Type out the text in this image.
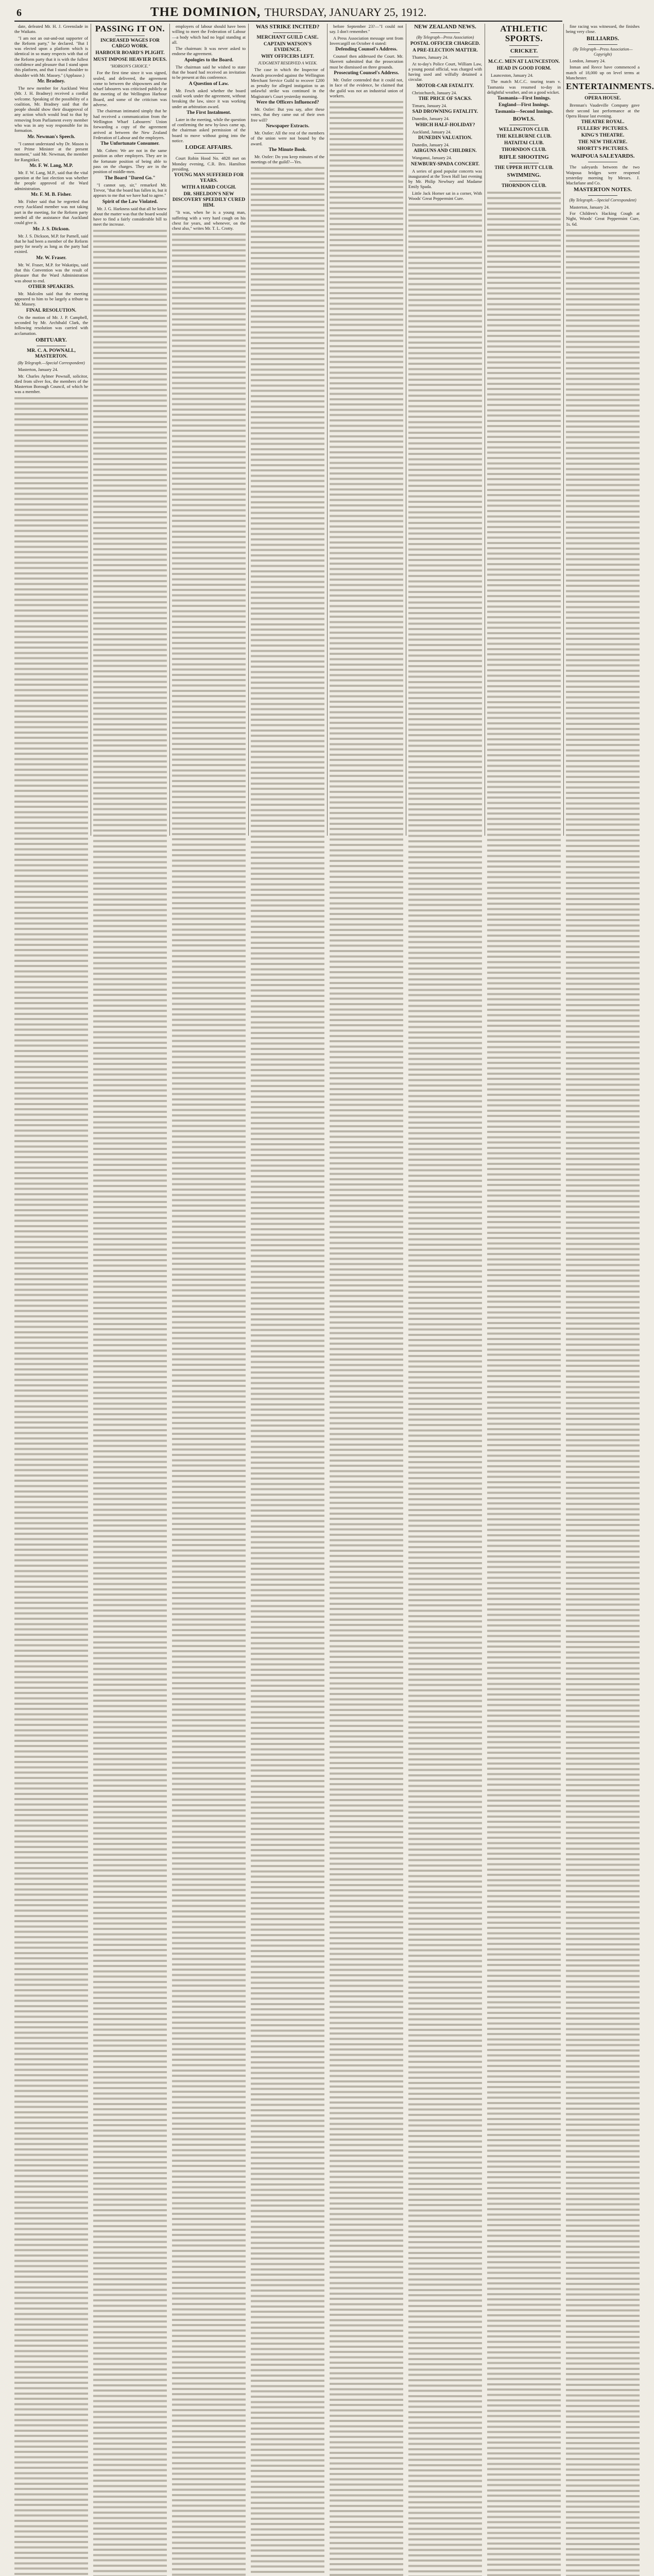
6	THE DOMINION, THURSDAY, JANUARY 25, 1912.

date, defeated Mr. H. J. Greenslade in the Waikato.

"I am not an out-and-out supporter of the Reform party," he declared. "But I was elected upon a platform which is identical in so many respects with that of the Reform party that it is with the fullest confidence and pleasure that I stand upon this platform, and that I stand shoulder to shoulder with Mr. Massey." (Applause.)

Mr. Bradney.

The new member for Auckland West (Mr. J. H. Bradney) received a cordial welcome. Speaking of the possibility of a coalition, Mr. Bradney said that the people should show their disapproval of any action which would lead to that by removing from Parliament every member who was in any way responsible for its formation.

Mr. Newman's Speech.

"I cannot understand why Dr. Mason is not Prime Minister at the present moment," said Mr. Newman, the member for Rangitikei.

Mr. F. W. Lang, M.P.

Mr. F. W. Lang, M.P., said that the vital question at the last election was whether the people approved of the Ward administration.

Mr. F. M. B. Fisher.

Mr. Fisher said that he regretted that every Auckland member was not taking part in the meeting, for the Reform party needed all the assistance that Auckland could give it.

Mr. J. S. Dickson.

Mr. J. S. Dickson, M.P. for Parnell, said that he had been a member of the Reform party for nearly as long as the party had existed.

Mr. W. Fraser.

Mr. W. Fraser, M.P. for Wakatipu, said that this Convention was the result of pleasure that the Ward Administration was about to end.

OTHER SPEAKERS.

Mr. Malcolm said that the meeting appeared to him to be largely a tribute to Mr. Massey.

FINAL RESOLUTION.

On the motion of Mr. J. P. Campbell, seconded by Mr. Archibald Clark, the following resolution was carried with acclamation.

OBITUARY.

MR. C. A. POWNALL, MASTERTON.

(By Telegraph.—Special Correspondent)

Masterton, January 24.

Mr. Charles Aylmer Pownall, solicitor, died from silver fox, the members of the Masterton Borough Council, of which he was a member.

PASSING IT ON.

INCREASED WAGES FOR CARGO WORK.

HARBOUR BOARD'S PLIGHT.

MUST IMPOSE HEAVIER DUES.

"HOBSON'S CHOICE."

For the first time since it was signed, sealed, and delivered, the agreement come to between the shipowners and the wharf labourers was criticised publicly at the meeting of the Wellington Harbour Board, and some of the criticism was adverse.

The chairman intimated simply that he had received a communication from the Wellington Wharf Labourers' Union forwarding a copy of the agreement arrived at between the New Zealand Federation of Labour and the employers.

The Unfortunate Consumer.

Mr. Cohen: We are not in the same position as other employers. They are in the fortunate position of being able to pass on the charges. They are in the position of middle-men.

The Board "Dared Go."

"I cannot say, sir," remarked Mr. Trevor, "that the board has fallen in, but it appears to me that we have had to agree."

Spirit of the Law Violated.

Mr. J. G. Harkness said that all he knew about the matter was that the board would have to find a fairly considerable bill to meet the increase.

employers of labour should have been willing to meet the Federation of Labour—a body which had no legal standing at all.

The chairman: It was never asked to endorse the agreement.

Apologies to the Board.

The chairman said he wished to state that the board had received an invitation to be present at this conference.

A Question of Law.

Mr. Fesch asked whether the board could work under the agreement, without breaking the law, since it was working under an arbitration award.

The First Instalment.

Later in the meeting, while the question of confirming the new by-laws came up, the chairman asked permission of the board to move without going into the notice.

LODGE AFFAIRS.

Court Robin Hood No. 4828 met on Monday evening, C.R. Bro. Hamilton presiding.

YOUNG MAN SUFFERED FOR YEARS.

WITH A HARD COUGH.

DR. SHELDON'S NEW DISCOVERY SPEEDILY CURED HIM.

"It was, when he is a young man, suffering with a very hard cough on his chest for years, and whenever, on the chest also," writes Mr. T. L. Crotty.

WAS STRIKE INCITED?

MERCHANT GUILD CASE.

CAPTAIN WATSON'S EVIDENCE.

WHY OFFICERS LEFT.

JUDGMENT RESERVED A WEEK.

The case in which the Inspector of Awards proceeded against the Wellington Merchant Service Guild to recover £200 as penalty for alleged instigation to an unlawful strike was continued in the Magistrate's Court yesterday morning.

Were the Officers Influenced?

Mr. Ostler: But you say, after these votes, that they came out of their own free will?

Newspaper Extracts.

Mr. Ostler: All the rest of the members of the union were not bound by the award.

The Minute Book.

Mr. Ostler: Do you keep minutes of the meetings of the guild?—Yes.

before September 23?—"I could not say. I don't remember."

A Press Association message sent from Invercargill on October 4 stated:

Defending Counsel's Address.

Counsel then addressed the Court. Mr. Skerrett submitted that the prosecution must be dismissed on three grounds.

Prosecuting Counsel's Address.

Mr. Ostler contended that it could not, in face of the evidence, be claimed that the guild was not an industrial union of workers.

NEW ZEALAND NEWS.

(By Telegraph—Press Association)

POSTAL OFFICER CHARGED.

A PRE-ELECTION MATTER.

Thames, January 24.

At to-day's Police Court, William Law, a young postal official, was charged with having used and wilfully detained a circular.

MOTOR-CAR FATALITY.

Christchurch, January 24.

THE PRICE OF SACKS.

Timaru, January 24.

SAD DROWNING FATALITY.

Dunedin, January 24.

WHICH HALF-HOLIDAY?

Auckland, January 24.

DUNEDIN VALUATION.

Dunedin, January 24.

AIRGUNS AND CHILDREN.

Wanganui, January 24.

NEWBURY-SPADA CONCERT.

A series of good popular concerts was inaugurated at the Town Hall last evening by Mr. Philip Newbury and Madame Emily Spada.

Little Jack Horner sat in a corner, With Woods' Great Peppermint Cure.

ATHLETIC SPORTS.

CRICKET.

M.C.C. MEN AT LAUNCESTON.

HEAD IN GOOD FORM.

Launceston, January 24.

The match M.C.C. touring team v. Tasmania was resumed to-day in delightful weather, and on a good wicket.

Tasmania—First Innings.

England—First Innings.

Tasmania—Second Innings.

BOWLS.

WELLINGTON CLUB.

THE KELBURNE CLUB.

HATAITAI CLUB.

THORNDON CLUB.

RIFLE SHOOTING

THE UPPER HUTT CLUB.

SWIMMING.

THORNDON CLUB.

fine racing was witnessed, the finishes being very close.

BILLIARDS.

(By Telegraph—Press Association—Copyright)

London, January 24.

Inman and Reece have commenced a match of 18,000 up on level terms at Manchester.

ENTERTAINMENTS.

OPERA HOUSE.

Brennan's Vaudeville Company gave their second last performance at the Opera House last evening.

THEATRE ROYAL.

FULLERS' PICTURES.

KING'S THEATRE.

THE NEW THEATRE.

SHORTT'S PICTURES.

WAIPOUA SALEYARDS.

The saleyards between the two Waipoua bridges were reopened yesterday morning by Messrs. J. Macfarlane and Co.

MASTERTON NOTES.

(By Telegraph.—Special Correspondent)

Masterton, January 24.

For Children's Hacking Cough at Night, Woods' Great Peppermint Cure, 1s. 6d.
